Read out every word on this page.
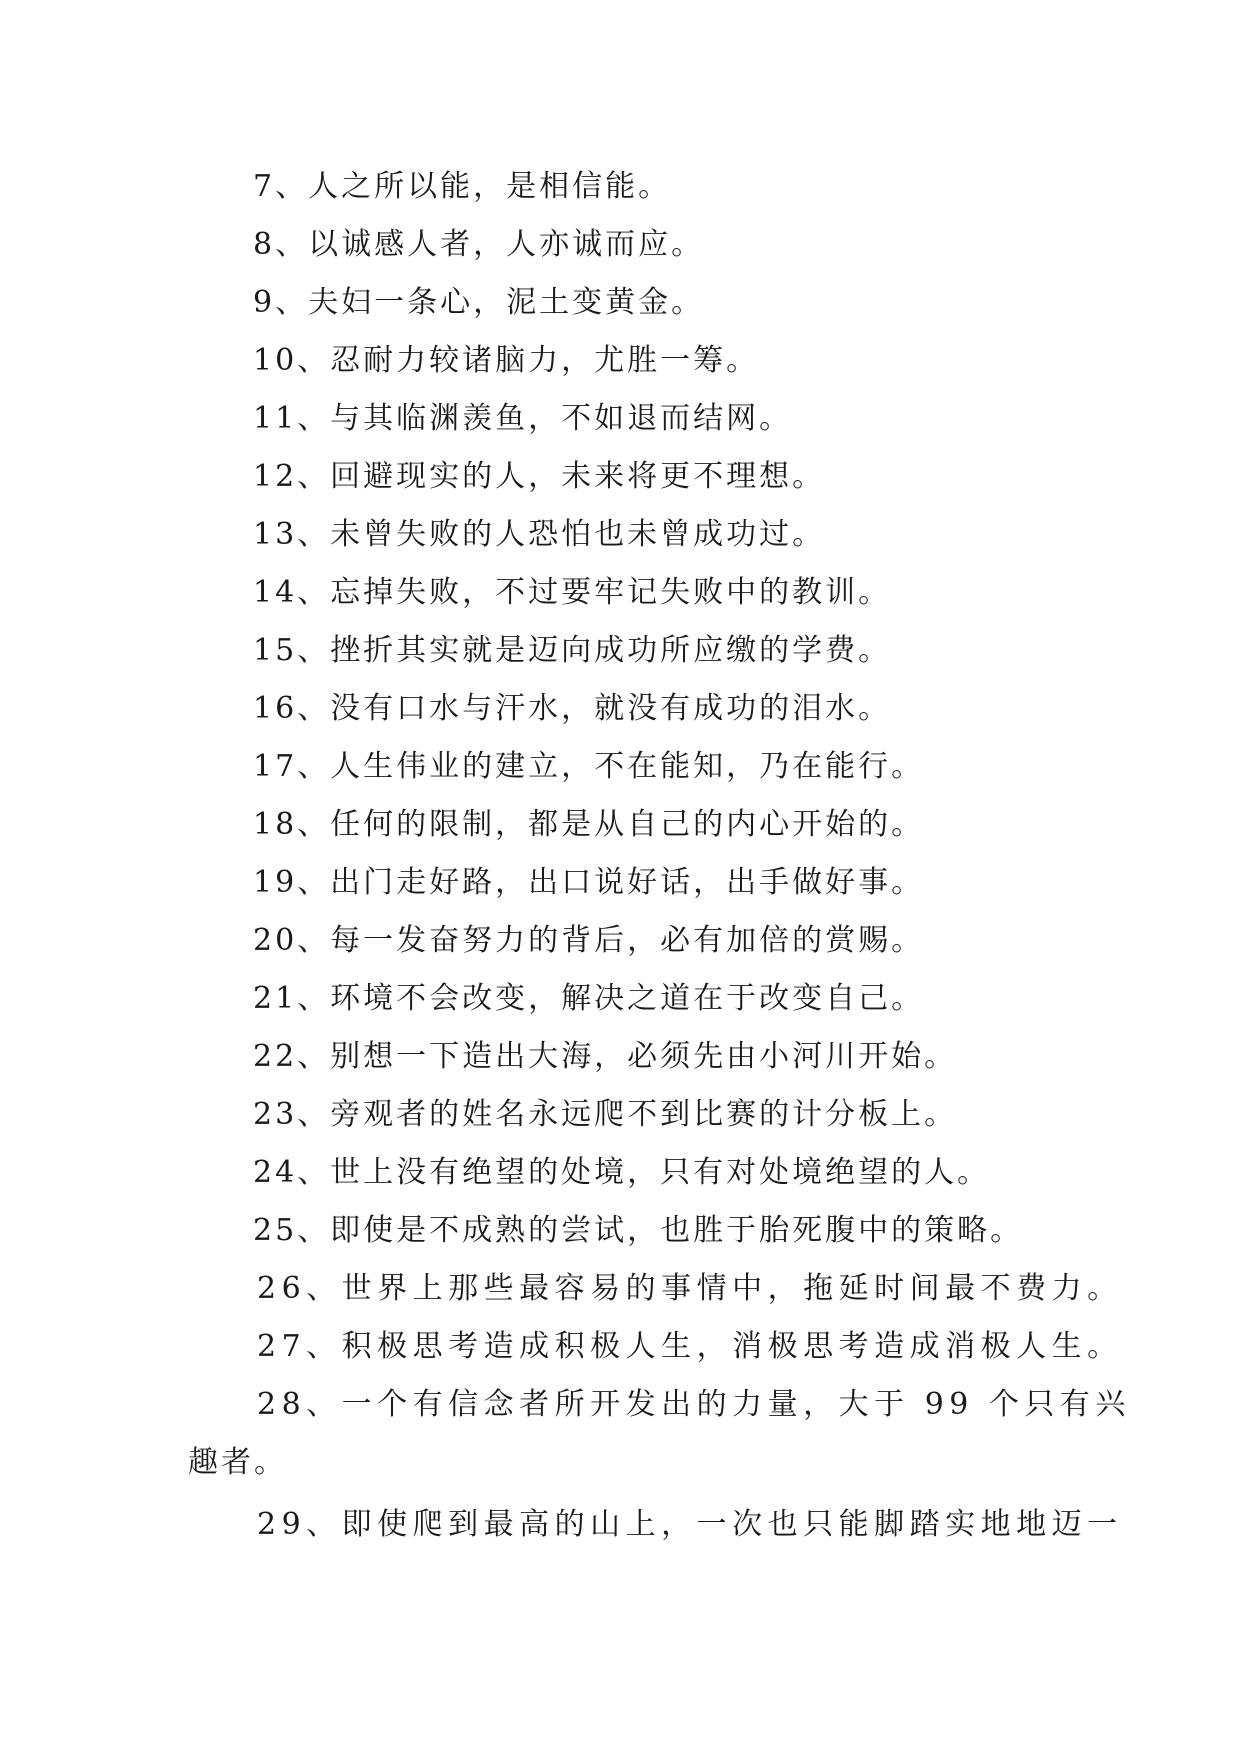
7、人之所以能，是相信能。
8、以诚感人者，人亦诚而应。
9、夫妇一条心，泥土变黄金。
10、忍耐力较诸脑力，尤胜一筹。
11、与其临渊羡鱼，不如退而结网。
12、回避现实的人，未来将更不理想。
13、未曾失败的人恐怕也未曾成功过。
14、忘掉失败，不过要牢记失败中的教训。
15、挫折其实就是迈向成功所应缴的学费。
16、没有口水与汗水，就没有成功的泪水。
17、人生伟业的建立，不在能知，乃在能行。
18、任何的限制，都是从自己的内心开始的。
19、出门走好路，出口说好话，出手做好事。
20、每一发奋努力的背后，必有加倍的赏赐。
21、环境不会改变，解决之道在于改变自己。
22、别想一下造出大海，必须先由小河川开始。
23、旁观者的姓名永远爬不到比赛的计分板上。
24、世上没有绝望的处境，只有对处境绝望的人。
25、即使是不成熟的尝试，也胜于胎死腹中的策略。
26、世界上那些最容易的事情中，拖延时间最不费力。
27、积极思考造成积极人生，消极思考造成消极人生。
28、一个有信念者所开发出的力量，大于 99 个只有兴
趣者。
29、即使爬到最高的山上，一次也只能脚踏实地地迈一
